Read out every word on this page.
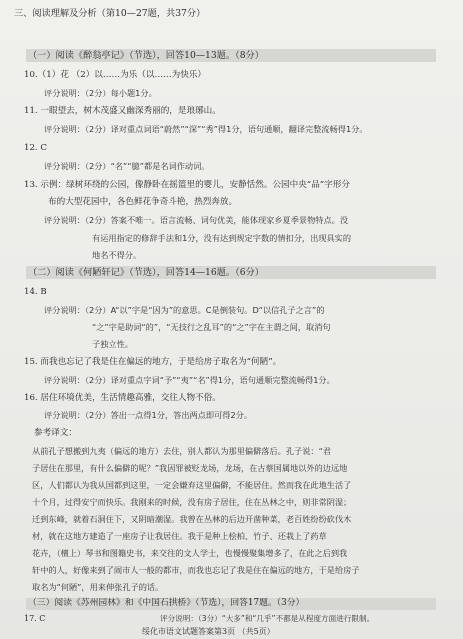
三、阅读理解及分析（第10—27题，共37分）
（一）阅读《醉翁亭记》（节选），回答10—13题。（8分）
10.（1）花 （2）以……为乐（以……为快乐）
评分说明：（2分）每小题1分。
11. 一眼望去，树木茂盛又幽深秀丽的，是琅琊山。
评分说明：（2分）译对重点词语“蔚然”“深”“秀”得1分，语句通顺，翻译完整流畅得1分。
12. C
评分说明：（2分）“名”“臆”都是名词作动词。
13. 示例：绿树环绕的公园，像静卧在摇篮里的婴儿，安静恬然。公园中央“品”字形分
布的大型花园中，各色鲜花争奇斗艳，热烈奔放。
评分说明：（2分）答案不唯一。语言流畅、词句优美，能体现家乡夏季景物特点。没
有运用指定的修辞手法和1分，没有达到规定字数的情扣分，出现具实的
地名不得分。
（二）阅读《何陋轩记》（节选），回答14—16题。（6分）
14. B
评分说明：（2分）A“以”字是“因为”的意思。C是倒装句。D“以信孔子之言”的
“之”字是助词“的”，“无技行之乱耳”的“之”字在主谓之间，取消句
子独立性。
15. 而我也忘记了我是住在偏远的地方，于是给房子取名为“何陋”。
评分说明：（2分）译对重点字词“予”“夷”“名”得1分，语句通顺完整流畅得1分。
16. 居住环境优美，生活情趣高雅，交往人物不俗。
评分说明：（2分）答出一点得1分，答出两点即可得2分。
参考译文：
从前孔子想搬到九夷（偏远的地方）去住，别人都认为那里偏僻落后。孔子说：“君
子居住在那里，有什么偏僻的呢？”我因罪被贬龙场，龙场，在古蔡国属地以外的边远地
区，人们都认为我从国都到这里，一定会嫌弃这里偏僻，不能居住。然而我在此地生活了
十个月，过得安宁而快乐。我刚来的时候，没有房子居住，住在丛林之中，则非常阴湿；
迁到东峰，就着石洞住下，又阴暗潮湿。我曾在丛林的后边开凿种菜，老百姓纷纷砍伐木
材，就在这地方建造了一座房子让我居住。我于是种上桧柏、竹子、还栽上了药草
花卉，（檀上）琴书和图籍史书，来交往的文人学士，也慢慢聚集增多了，在此之后到我
轩中的人，好像来到了闹市人一般的都市，而我也忘记了我是住在偏远的地方，于是给房子
取名为“何陋”，用来伸张孔子的话。
（三）阅读《苏州园林》和《中国石拱桥》（节选），回答17题。（3分）
17. C	评分说明：（3分）“大多”和“几乎”不都是从程度方面进行限制。
绥化市语文试题答案第3页 （共5页）
